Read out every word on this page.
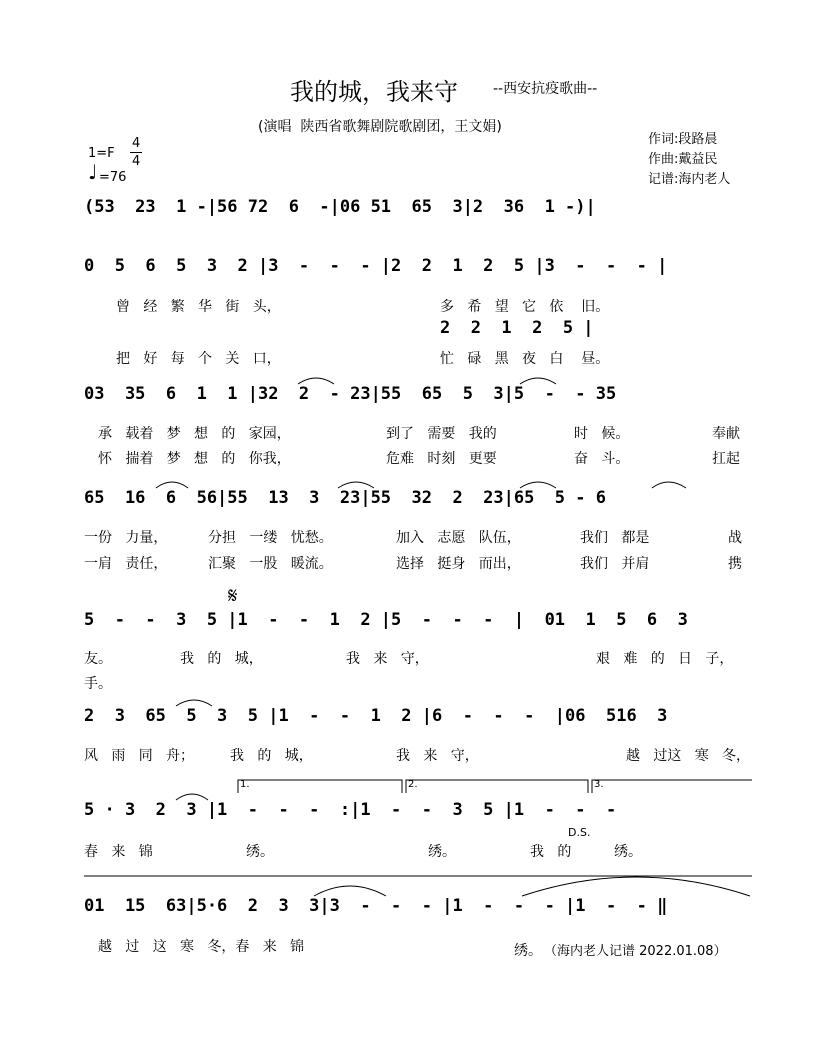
我的城，我来守	--西安抗疫歌曲--
(演唱  陕西省歌舞剧院歌剧团，王文娟)
1=F
4
4
♩ =76
作词:段路晨
作曲:戴益民
记谱:海内老人
(53  23  1 -|56 72  6  -|06 51  65  3|2  36  1 -)|
0  5  6  5  3  2 |3  -  -  - |2  2  1  2  5 |3  -  -  - |
曾   经   繁   华   街   头，	多   希   望   它   依    旧。
2  2  1  2  5 |
把   好   每   个   关   口，	忙   碌   黑   夜   白    昼。
03  35  6  1  1 |32  2  - 23|55  65  5  3|5  -  - 35
承   载着   梦   想   的   家园，	到了   需要   我的	时   候。	奉献
怀   揣着   梦   想   的   你我，	危难   时刻   更要	奋   斗。	扛起
65  16  6  56|55  13  3  23|55  32  2  23|65  5 - 6
一份   力量，	分担   一缕   忧愁。	加入   志愿   队伍，	我们   都是	战
一肩   责任，	汇聚   一股   暖流。	选择   挺身   而出，	我们   并肩	携
𝄋
5  -  -  3  5 |1  -  -  1  2 |5  -  -  -  |  01  1  5  6  3
友。	我   的   城，	我   来   守，	艰   难   的   日   子，
手。
2  3  65  5  3  5 |1  -  -  1  2 |6  -  -  -  |06  516  3
风   雨   同   舟；	我   的   城，	我   来   守，	越   过这   寒   冬，
1.	2.	3.
5 · 3  2  3 |1  -  -  -  :|1  -  -  3  5 |1  -  -  -
D.S.
春   来   锦	绣。	绣。	我   的	绣。
01  15  63|5·6  2  3  3|3  -  -  - |1  -  -  - |1  -  - ‖
越   过   这   寒   冬，春   来   锦	绣。 （海内老人记谱 2022.01.08）
